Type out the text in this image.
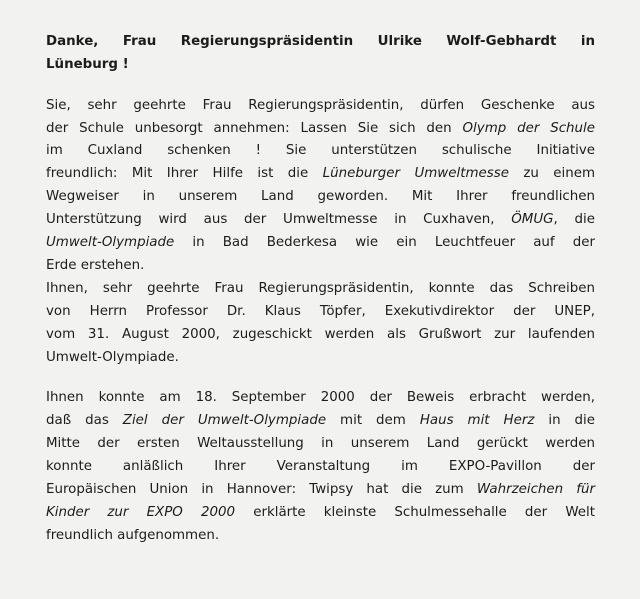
Danke, Frau Regierungspräsidentin Ulrike Wolf-Gebhardt in
Lüneburg !
Sie, sehr geehrte Frau Regierungspräsidentin, dürfen Geschenke aus
der Schule unbesorgt annehmen: Lassen Sie sich den Olymp der Schule
im Cuxland schenken ! Sie unterstützen schulische Initiative
freundlich: Mit Ihrer Hilfe ist die Lüneburger Umweltmesse zu einem
Wegweiser in unserem Land geworden. Mit Ihrer freundlichen
Unterstützung wird aus der Umweltmesse in Cuxhaven, ÖMUG, die
Umwelt-Olympiade in Bad Bederkesa wie ein Leuchtfeuer auf der
Erde erstehen.
Ihnen, sehr geehrte Frau Regierungspräsidentin, konnte das Schreiben
von Herrn Professor Dr. Klaus Töpfer, Exekutivdirektor der UNEP,
vom 31. August 2000, zugeschickt werden als Grußwort zur laufenden
Umwelt-Olympiade.
Ihnen konnte am 18. September 2000 der Beweis erbracht werden,
daß das Ziel der Umwelt-Olympiade mit dem Haus mit Herz in die
Mitte der ersten Weltausstellung in unserem Land gerückt werden
konnte anläßlich Ihrer Veranstaltung im EXPO-Pavillon der
Europäischen Union in Hannover: Twipsy hat die zum Wahrzeichen für
Kinder zur EXPO 2000 erklärte kleinste Schulmessehalle der Welt
freundlich aufgenommen.
